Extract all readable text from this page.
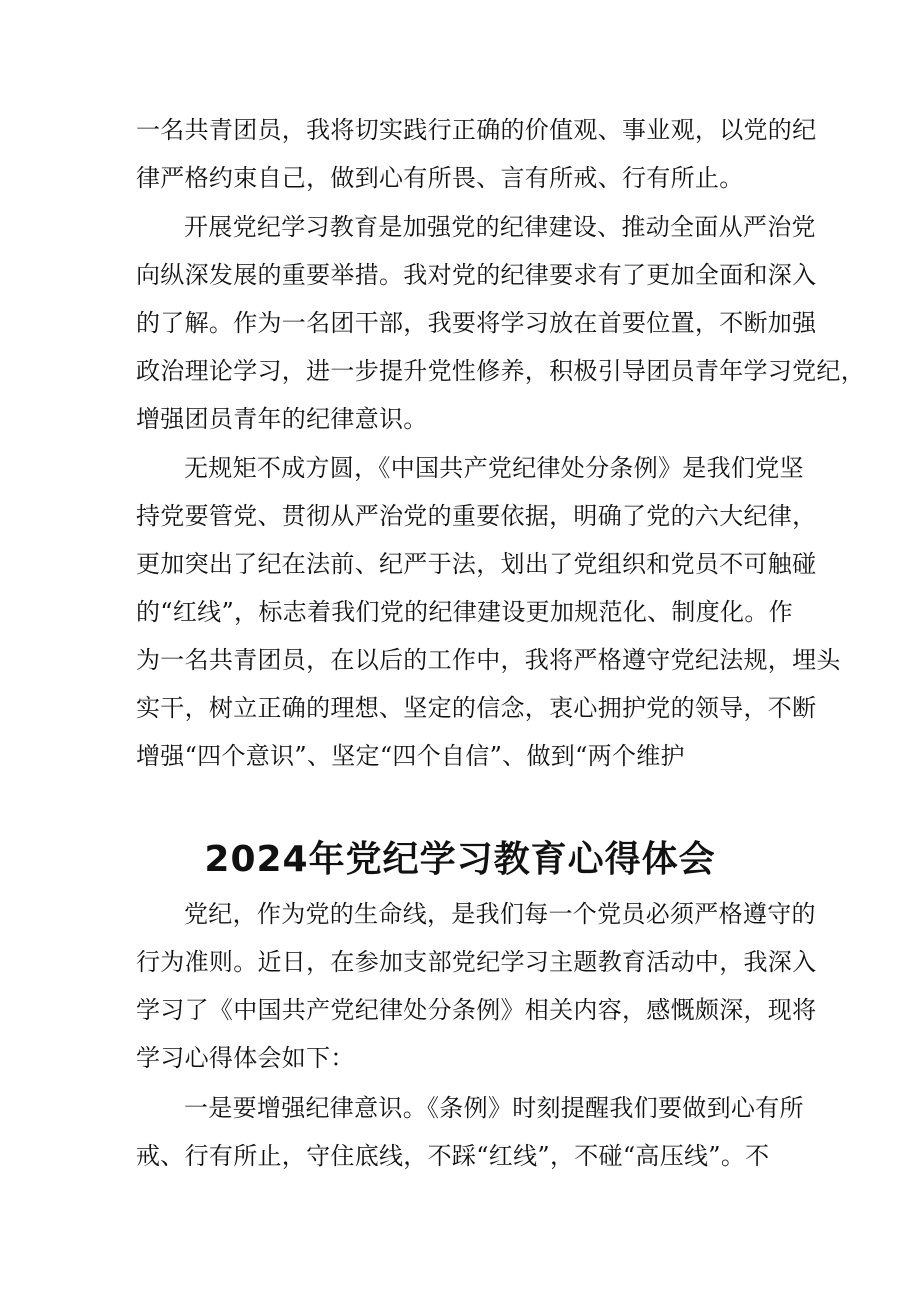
一名共青团员，我将切实践行正确的价值观、事业观，以党的纪
律严格约束自己，做到心有所畏、言有所戒、行有所止。
开展党纪学习教育是加强党的纪律建设、推动全面从严治党
向纵深发展的重要举措。我对党的纪律要求有了更加全面和深入
的了解。作为一名团干部，我要将学习放在首要位置，不断加强
政治理论学习，进一步提升党性修养，积极引导团员青年学习党纪，
增强团员青年的纪律意识。
无规矩不成方圆，《中国共产党纪律处分条例》是我们党坚
持党要管党、贯彻从严治党的重要依据，明确了党的六大纪律，
更加突出了纪在法前、纪严于法，划出了党组织和党员不可触碰
的“红线”，标志着我们党的纪律建设更加规范化、制度化。作
为一名共青团员，在以后的工作中，我将严格遵守党纪法规，埋头
实干，树立正确的理想、坚定的信念，衷心拥护党的领导，不断
增强“四个意识”、坚定“四个自信”、做到“两个维护
2024年党纪学习教育心得体会
党纪，作为党的生命线，是我们每一个党员必须严格遵守的
行为准则。近日，在参加支部党纪学习主题教育活动中，我深入
学习了《中国共产党纪律处分条例》相关内容，感慨颇深，现将
学习心得体会如下：
一是要增强纪律意识。《条例》时刻提醒我们要做到心有所
戒、行有所止，守住底线，不踩“红线”，不碰“高压线”。不
